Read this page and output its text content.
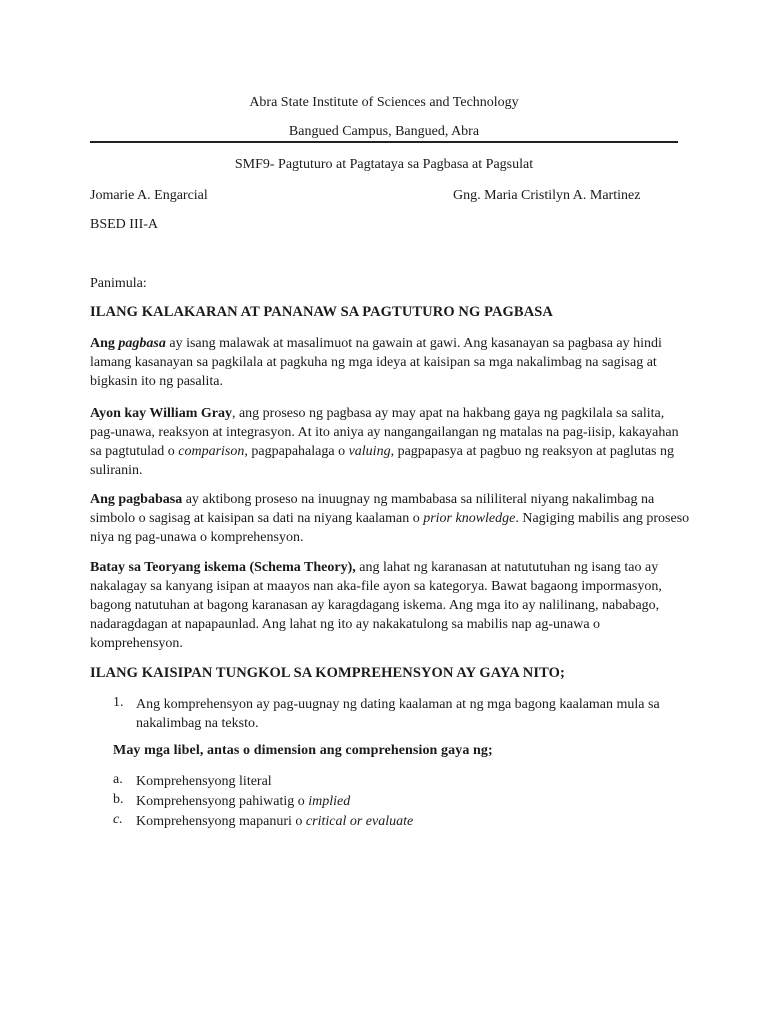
Abra State Institute of Sciences and Technology
Bangued Campus, Bangued, Abra
SMF9- Pagtuturo at Pagtataya sa Pagbasa at Pagsulat
Jomarie A. Engarcial	Gng. Maria Cristilyn A. Martinez
BSED III-A
Panimula:
ILANG KALAKARAN AT PANANAW SA PAGTUTURO NG PAGBASA
Ang pagbasa ay isang malawak at masalimuot na gawain at gawi. Ang kasanayan sa pagbasa ay hindi lamang kasanayan sa pagkilala at pagkuha ng mga ideya at kaisipan sa mga nakalimbag na sagisag at bigkasin ito ng pasalita.
Ayon kay William Gray, ang proseso ng pagbasa ay may apat na hakbang gaya ng pagkilala sa salita, pag-unawa, reaksyon at integrasyon. At ito aniya ay nangangailangan ng matalas na pag-iisip, kakayahan sa pagtutulad o comparison, pagpapahalaga o valuing, pagpapasya at pagbuo ng reaksyon at paglutas ng suliranin.
Ang pagbabasa ay aktibong proseso na inuugnay ng mambabasa sa nililiteral niyang nakalimbag na simbolo o sagisag at kaisipan sa dati na niyang kaalaman o prior knowledge. Nagiging mabilis ang proseso niya ng pag-unawa o komprehensyon.
Batay sa Teoryang iskema (Schema Theory), ang lahat ng karanasan at natututuhan ng isang tao ay nakalagay sa kanyang isipan at maayos nan aka-file ayon sa kategorya. Bawat bagaong impormasyon, bagong natutuhan at bagong karanasan ay karagdagang iskema. Ang mga ito ay nalilinang, nababago, nadaragdagan at napapaunlad. Ang lahat ng ito ay nakakatulong sa mabilis nap ag-unawa o komprehensyon.
ILANG KAISIPAN TUNGKOL SA KOMPREHENSYON AY GAYA NITO;
1. Ang komprehensyon ay pag-uugnay ng dating kaalaman at ng mga bagong kaalaman mula sa nakalimbag na teksto.
May mga libel, antas o dimension ang comprehension gaya ng;
a. Komprehensyong literal
b. Komprehensyong pahiwatig o implied
c. Komprehensyong mapanuri o critical or evaluate
